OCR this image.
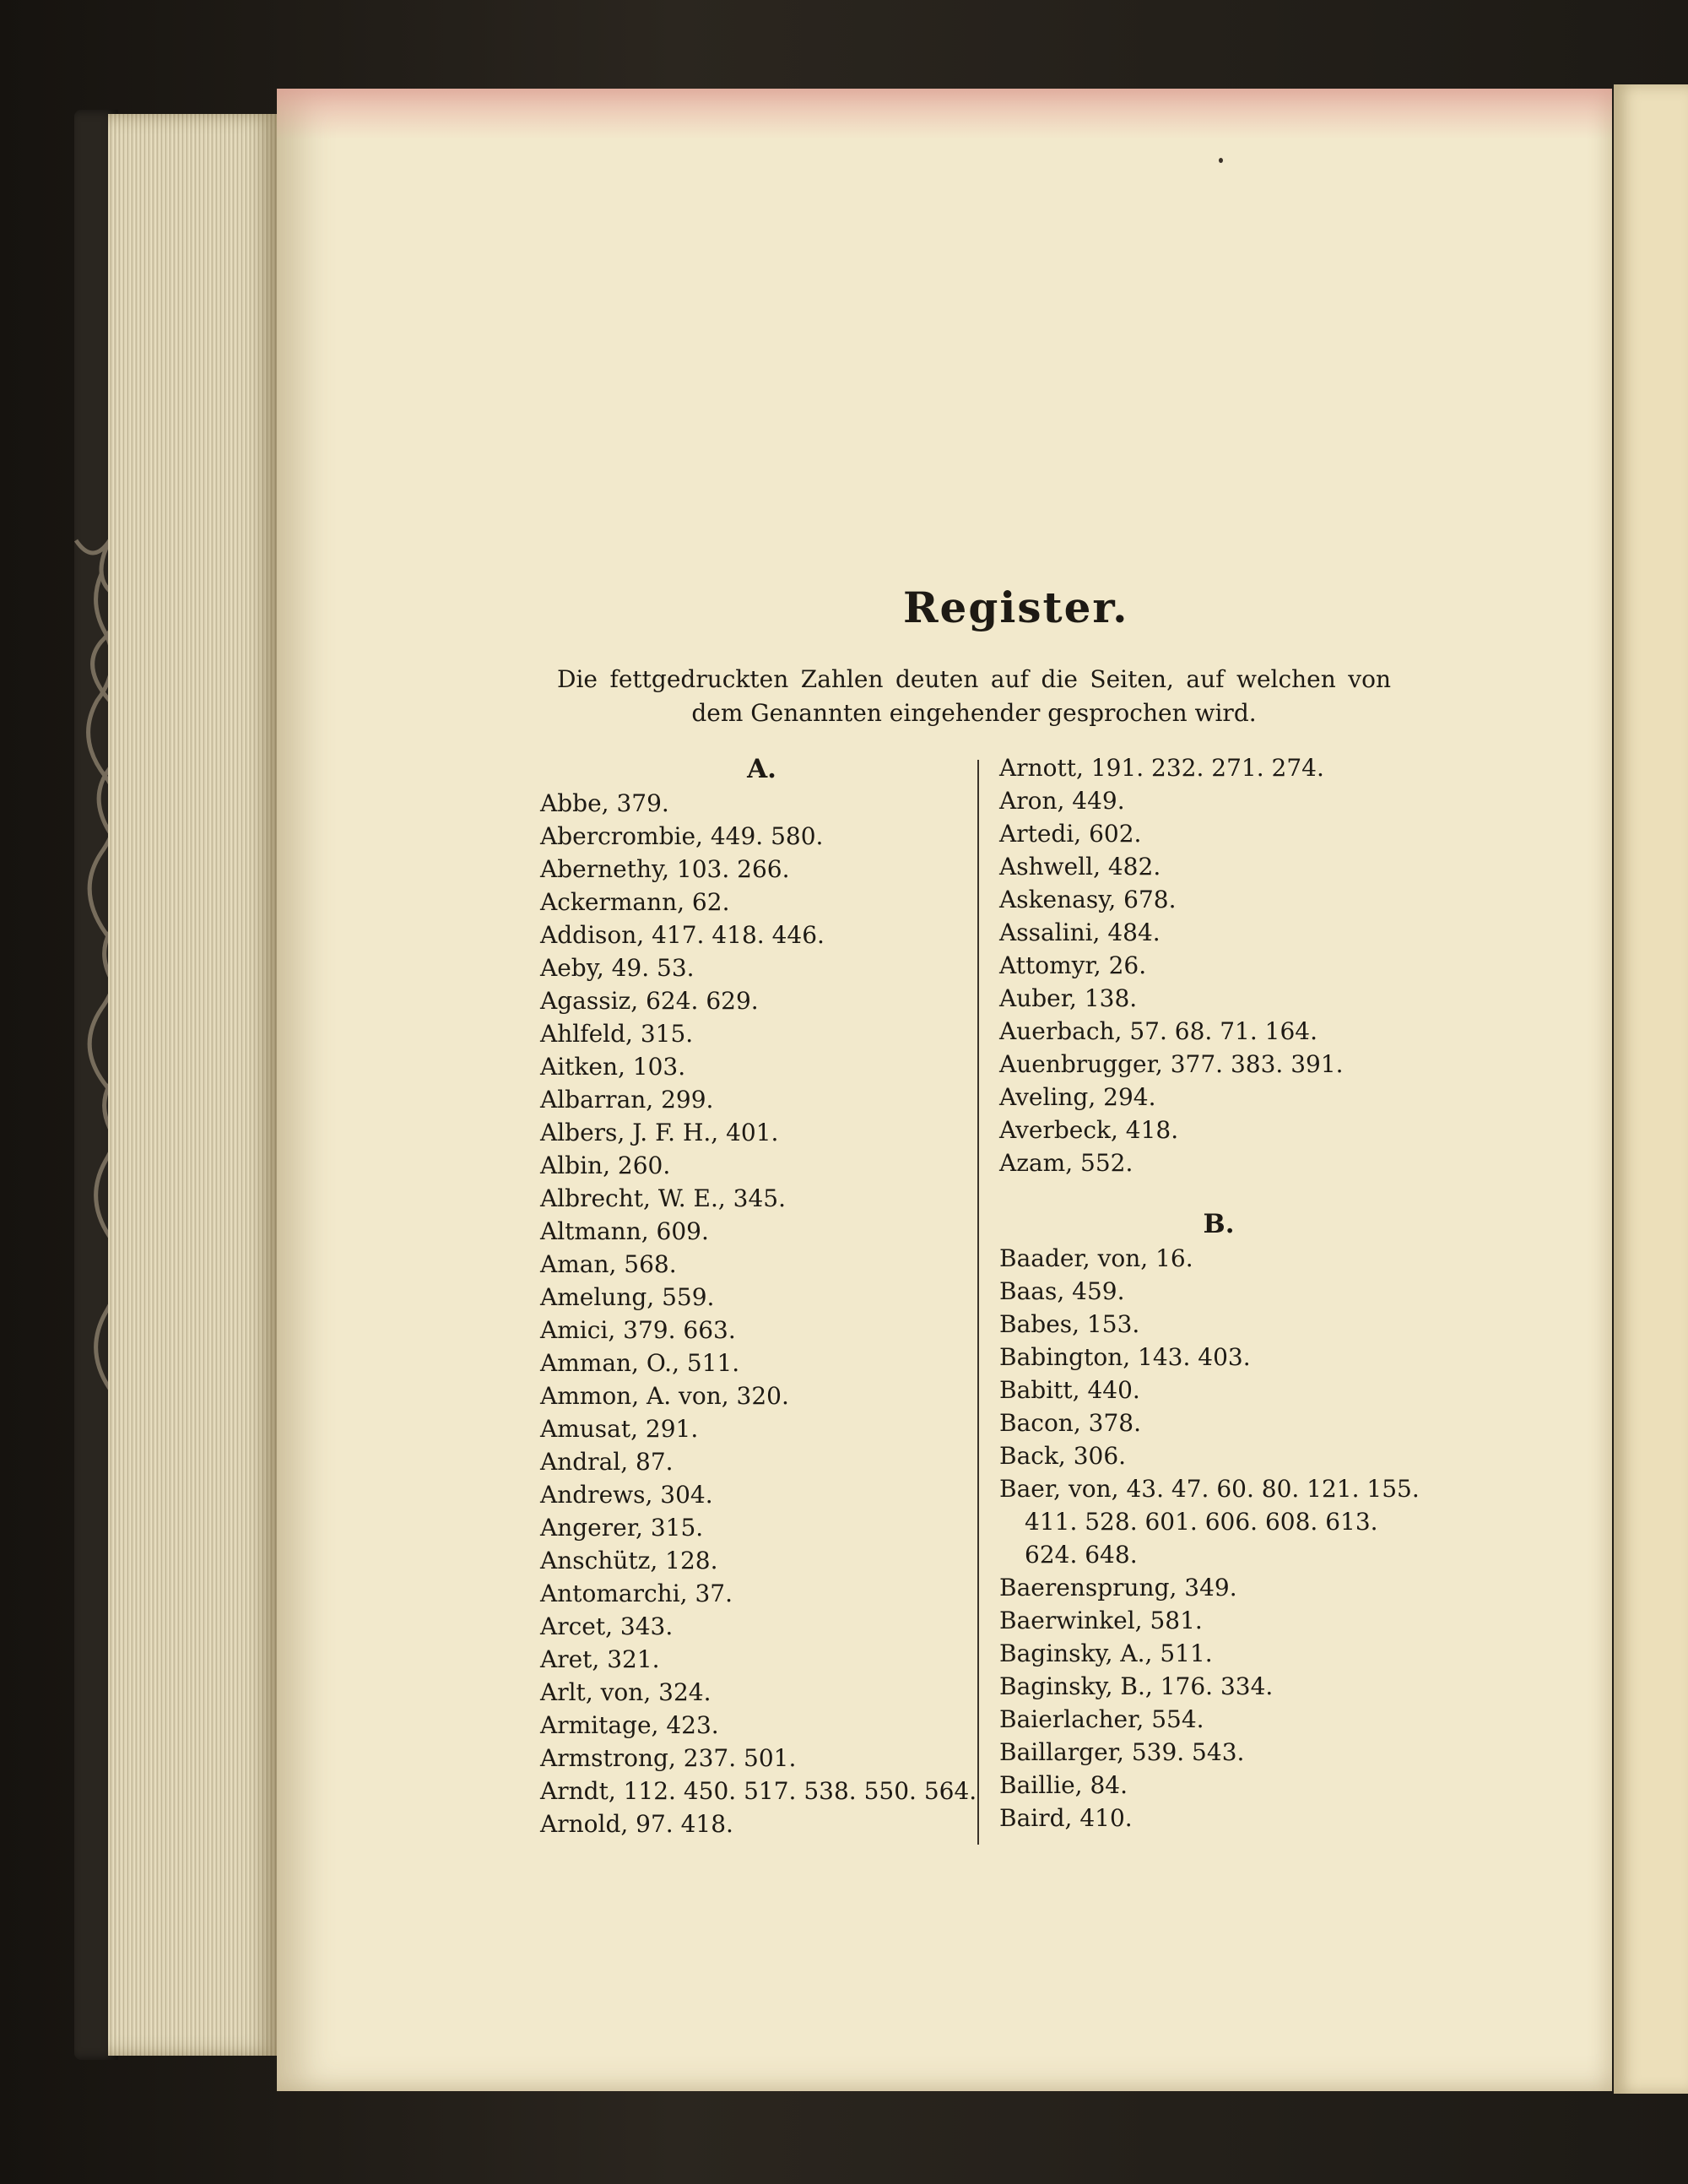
Die fettgedruckten Zahlen deuten auf die Seiten, auf welchen von dem Genannten eingehender gesprochen wird.
A.
Abbe, 379.
Abercrombie, 449. 580.
Abernethy, 103. 266.
Ackermann, 62.
Addison, 417. 418. 446.
Aeby, 49. 53.
Agassiz, 624. 629.
Ahlfeld, 315.
Aitken, 103.
Albarran, 299.
Albers, J. F. H., 401.
Albin, 260.
Albrecht, W. E., 345.
Altmann, 609.
Aman, 568.
Amelung, 559.
Amici, 379. 663.
Amman, O., 511.
Ammon, A. von, 320.
Amusat, 291.
Andral, 87.
Andrews, 304.
Angerer, 315.
Anschütz, 128.
Antomarchi, 37.
Arcet, 343.
Aret, 321.
Arlt, von, 324.
Armitage, 423.
Armstrong, 237. 501.
Arndt, 112. 450. 517. 538. 550. 564.
Arnold, 97. 418.
Arnott, 191. 232. 271. 274.
Aron, 449.
Artedi, 602.
Ashwell, 482.
Askenasy, 678.
Assalini, 484.
Attomyr, 26.
Auber, 138.
Auerbach, 57. 68. 71. 164.
Auenbrugger, 377. 383. 391.
Aveling, 294.
Averbeck, 418.
Azam, 552.
B.
Baader, von, 16.
Baas, 459.
Babes, 153.
Babington, 143. 403.
Babitt, 440.
Bacon, 378.
Back, 306.
Baer, von, 43. 47. 60. 80. 121. 155.
411. 528. 601. 606. 608. 613.
624. 648.
Baerensprung, 349.
Baerwinkel, 581.
Baginsky, A., 511.
Baginsky, B., 176. 334.
Baierlacher, 554.
Baillarger, 539. 543.
Baillie, 84.
Baird, 410.
